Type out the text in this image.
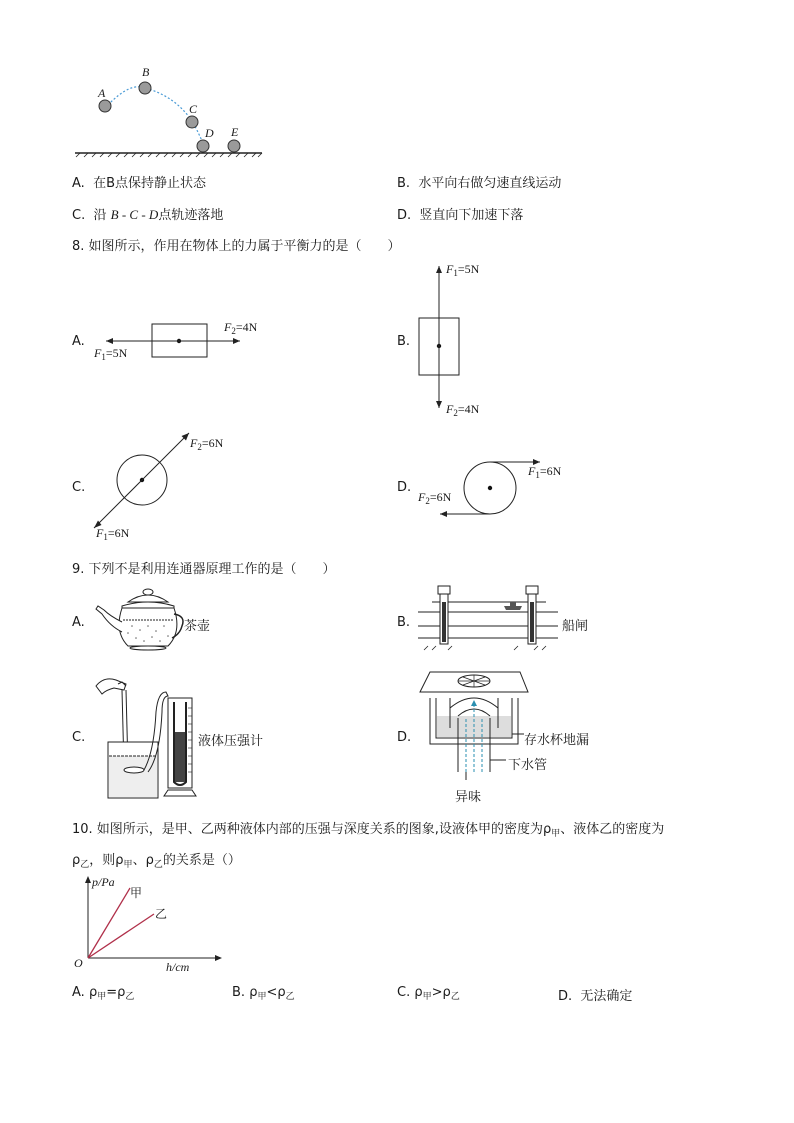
A
B
C
D E
A. 在B点保持静止状态	B. 水平向右做匀速直线运动
C. 沿 B - C - D点轨迹落地	D. 竖直向下加速下落
8. 如图所示，作用在物体上的力属于平衡力的是（　　）
A.
$F_2=4N$
$F_1=5N$
B.
$F_1=5N$
$F_2=4N$
C.
$F_2=6N$
$F_1=6N$
D.
$F_1=6N$
$F_2=6N$
9. 下列不是利用连通器原理工作的是（　　）
A.	茶壶	B.	船闸
C.	液体压强计	D.	存水杯地漏
下水管
异味
10. 如图所示，是甲、乙两种液体内部的压强与深度关系的图象,设液体甲的密度为$\rho_甲$、液体乙的密度为
$\rho_乙$，则$\rho_甲$、$\rho_乙$的关系是（）
p/Pa
甲
乙
O	h/cm
A. $\rho_甲=\rho_乙$	B. $\rho_甲<\rho_乙$	C. $\rho_甲>\rho_乙$	D. 无法确定
